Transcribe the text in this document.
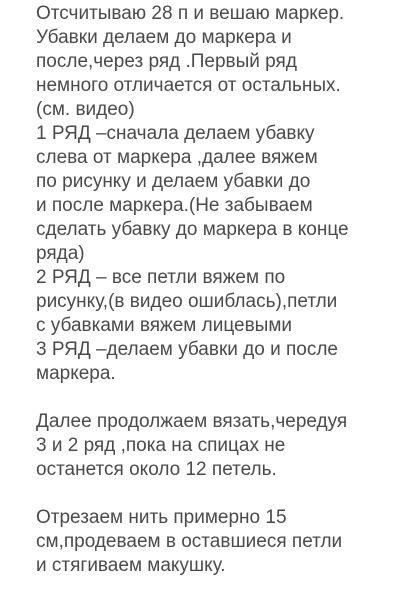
Отсчитываю 28 п и вешаю маркер.
Убавки делаем до маркера и
после,через ряд .Первый ряд
немного отличается от остальных.
(см. видео)
1 РЯД –сначала делаем убавку
слева от маркера ,далее вяжем
по рисунку и делаем убавки до
и после маркера.(Не забываем
сделать убавку до маркера в конце
ряда)
2 РЯД – все петли вяжем по
рисунку,(в видео ошиблась),петли
с убавками вяжем лицевыми
3 РЯД –делаем убавки до и после
маркера.
Далее продолжаем вязать,чередуя
3 и 2 ряд ,пока на спицах не
останется около 12 петель.
Отрезаем нить примерно 15
см,продеваем в оставшиеся петли
и стягиваем макушку.
